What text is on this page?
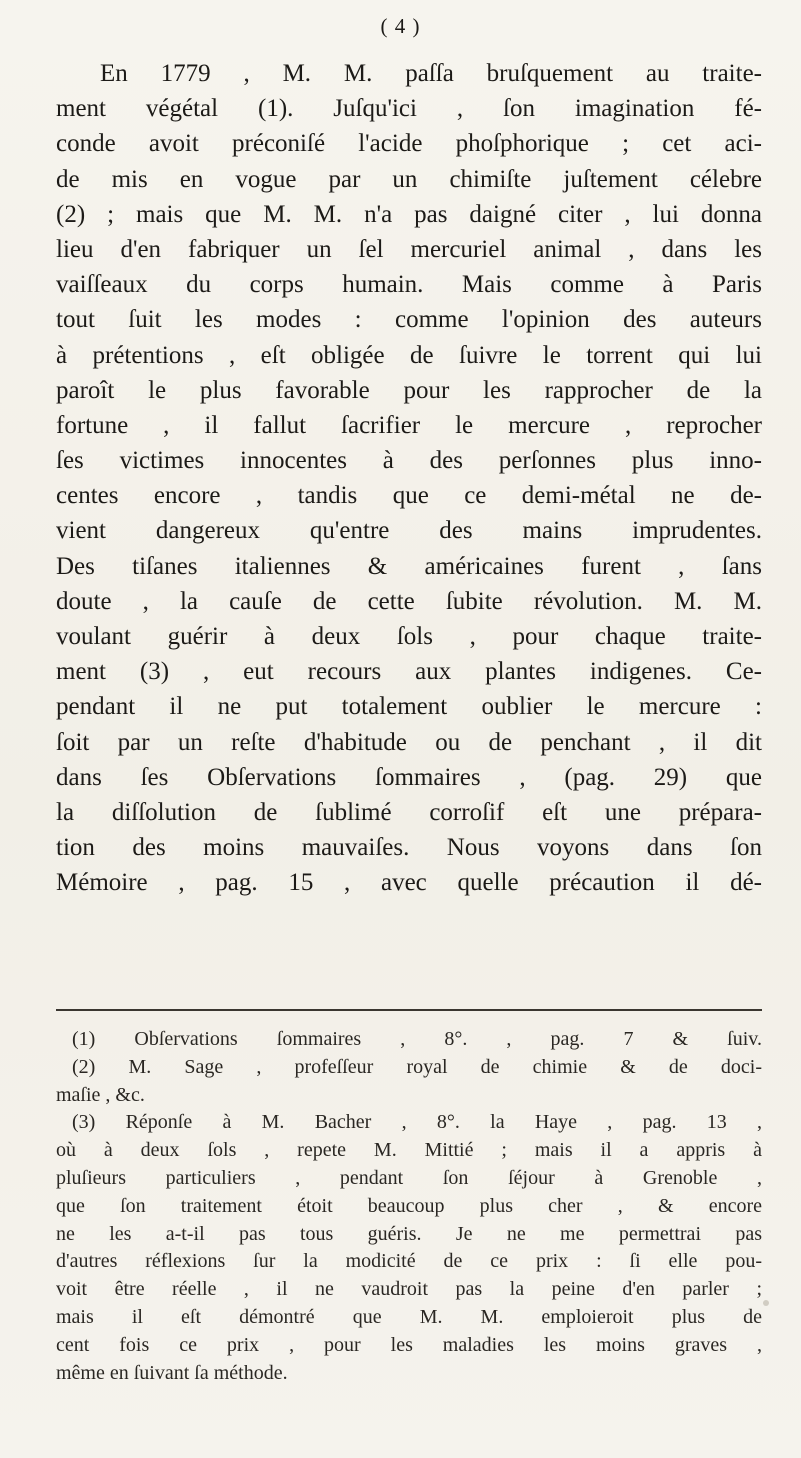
( 4 )
En 1779 , M. M. paſſa bruſquement au traite-
ment végétal (1). Juſqu'ici , ſon imagination fé-
conde avoit préconiſé l'acide phoſphorique ; cet aci-
de mis en vogue par un chimiſte juſtement célebre
(2) ; mais que M. M. n'a pas daigné citer , lui donna
lieu d'en fabriquer un ſel mercuriel animal , dans les
vaiſſeaux du corps humain. Mais comme à Paris
tout ſuit les modes : comme l'opinion des auteurs
à prétentions , eſt obligée de ſuivre le torrent qui lui
paroît le plus favorable pour les rapprocher de la
fortune , il fallut ſacrifier le mercure , reprocher
ſes victimes innocentes à des perſonnes plus inno-
centes encore , tandis que ce demi-métal ne de-
vient dangereux qu'entre des mains imprudentes.
Des tiſanes italiennes & américaines furent , ſans
doute , la cauſe de cette ſubite révolution. M. M.
voulant guérir à deux ſols , pour chaque traite-
ment (3) , eut recours aux plantes indigenes. Ce-
pendant il ne put totalement oublier le mercure :
ſoit par un reſte d'habitude ou de penchant , il dit
dans ſes Obſervations ſommaires , (pag. 29) que
la diſſolution de ſublimé corroſif eſt une prépara-
tion des moins mauvaiſes. Nous voyons dans ſon
Mémoire , pag. 15 , avec quelle précaution il dé-
(1) Obſervations ſommaires , 8°. , pag. 7 & ſuiv.
(2) M. Sage , profeſſeur royal de chimie & de doci-
maſie , &c.
(3) Réponſe à M. Bacher , 8°. la Haye , pag. 13 ,
où à deux ſols , repete M. Mittié ; mais il a appris à
pluſieurs particuliers , pendant ſon ſéjour à Grenoble ,
que ſon traitement étoit beaucoup plus cher , & encore
ne les a-t-il pas tous guéris. Je ne me permettrai pas
d'autres réflexions ſur la modicité de ce prix : ſi elle pou-
voit être réelle , il ne vaudroit pas la peine d'en parler ;
mais il eſt démontré que M. M. emploieroit plus de
cent fois ce prix , pour les maladies les moins graves ,
même en ſuivant ſa méthode.
